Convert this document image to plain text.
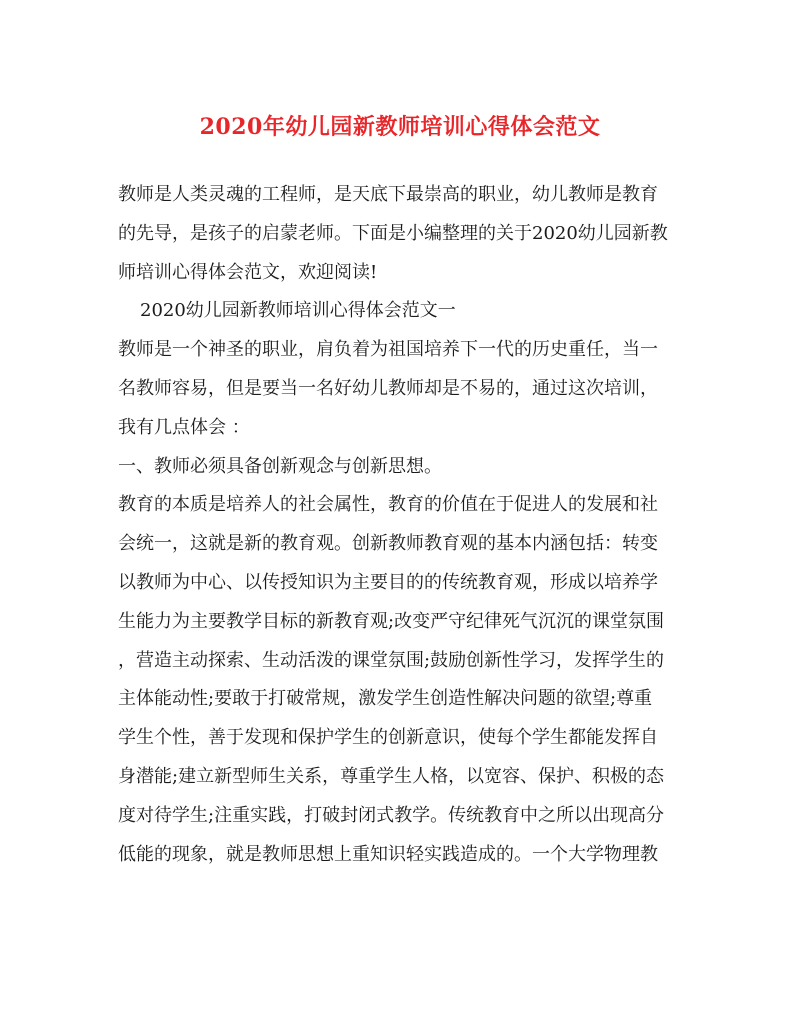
2020年幼儿园新教师培训心得体会范文
教师是人类灵魂的工程师，是天底下最崇高的职业，幼儿教师是教育
的先导，是孩子的启蒙老师。下面是小编整理的关于2020幼儿园新教
师培训心得体会范文，欢迎阅读!
2020幼儿园新教师培训心得体会范文一
教师是一个神圣的职业，肩负着为祖国培养下一代的历史重任，当一
名教师容易，但是要当一名好幼儿教师却是不易的，通过这次培训，
我有几点体会 ：
一、教师必须具备创新观念与创新思想。
教育的本质是培养人的社会属性，教育的价值在于促进人的发展和社
会统一，这就是新的教育观。创新教师教育观的基本内涵包括：转变
以教师为中心、以传授知识为主要目的的传统教育观，形成以培养学
生能力为主要教学目标的新教育观;改变严守纪律死气沉沉的课堂氛围
，营造主动探索、生动活泼的课堂氛围;鼓励创新性学习，发挥学生的
主体能动性;要敢于打破常规，激发学生创造性解决问题的欲望;尊重
学生个性，善于发现和保护学生的创新意识，使每个学生都能发挥自
身潜能;建立新型师生关系，尊重学生人格，以宽容、保护、积极的态
度对待学生;注重实践，打破封闭式教学。传统教育中之所以出现高分
低能的现象，就是教师思想上重知识轻实践造成的。一个大学物理教
